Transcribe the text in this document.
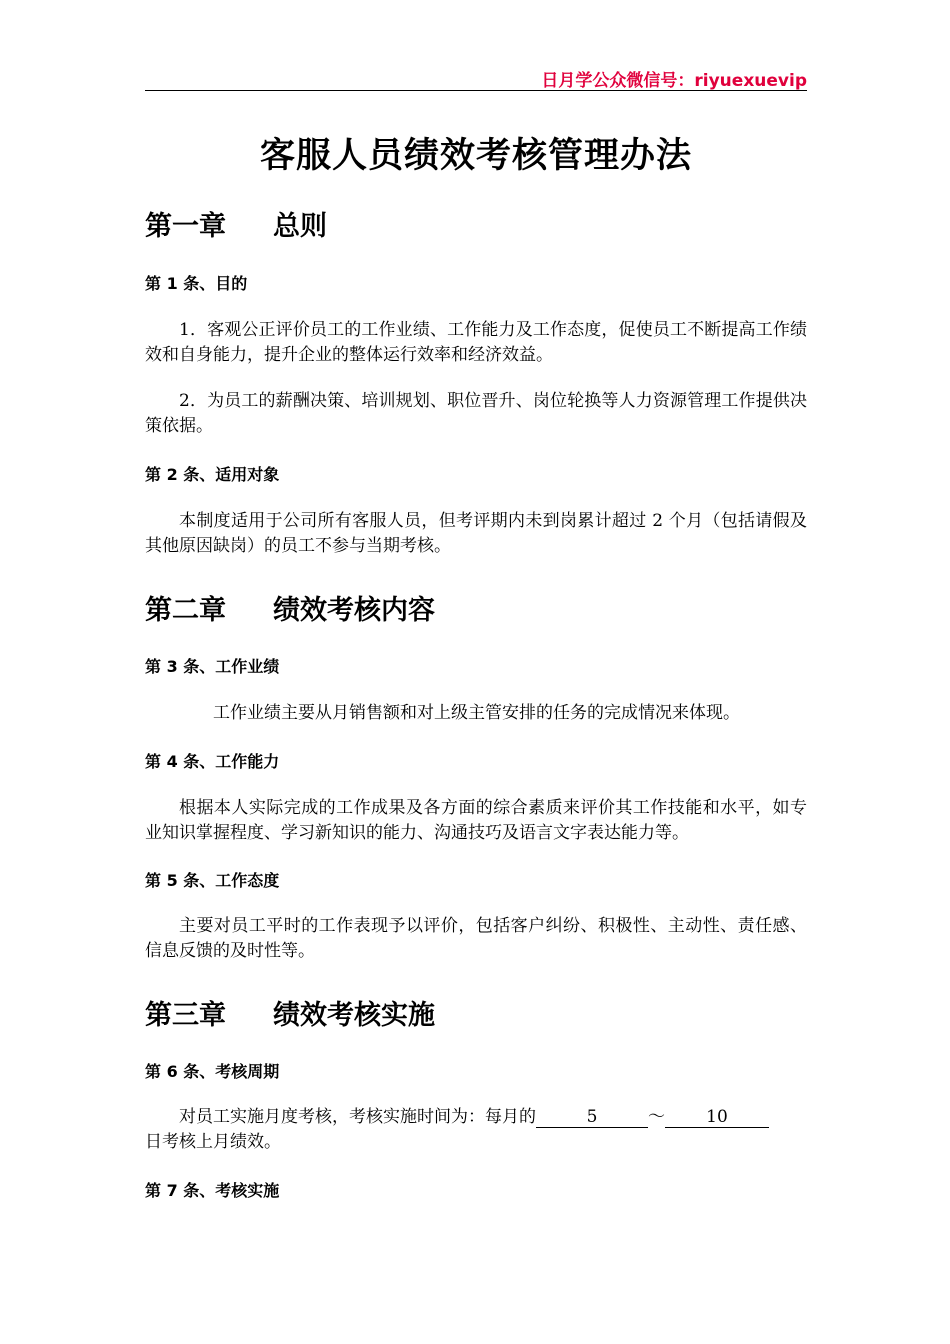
日月学公众微信号：riyuexuevip
客服人员绩效考核管理办法
第一章 总则
第 1 条、目的
1．客观公正评价员工的工作业绩、工作能力及工作态度，促使员工不断提高工作绩效和自身能力，提升企业的整体运行效率和经济效益。
2．为员工的薪酬决策、培训规划、职位晋升、岗位轮换等人力资源管理工作提供决策依据。
第 2 条、适用对象
本制度适用于公司所有客服人员，但考评期内未到岗累计超过 2 个月（包括请假及其他原因缺岗）的员工不参与当期考核。
第二章 绩效考核内容
第 3 条、工作业绩
工作业绩主要从月销售额和对上级主管安排的任务的完成情况来体现。
第 4 条、工作能力
根据本人实际完成的工作成果及各方面的综合素质来评价其工作技能和水平，如专业知识掌握程度、学习新知识的能力、沟通技巧及语言文字表达能力等。
第 5 条、工作态度
主要对员工平时的工作表现予以评价，包括客户纠纷、积极性、主动性、责任感、信息反馈的及时性等。
第三章 绩效考核实施
第 6 条、考核周期
对员工实施月度考核，考核实施时间为：每月的	5	～ 10
日考核上月绩效。
第 7 条、考核实施
